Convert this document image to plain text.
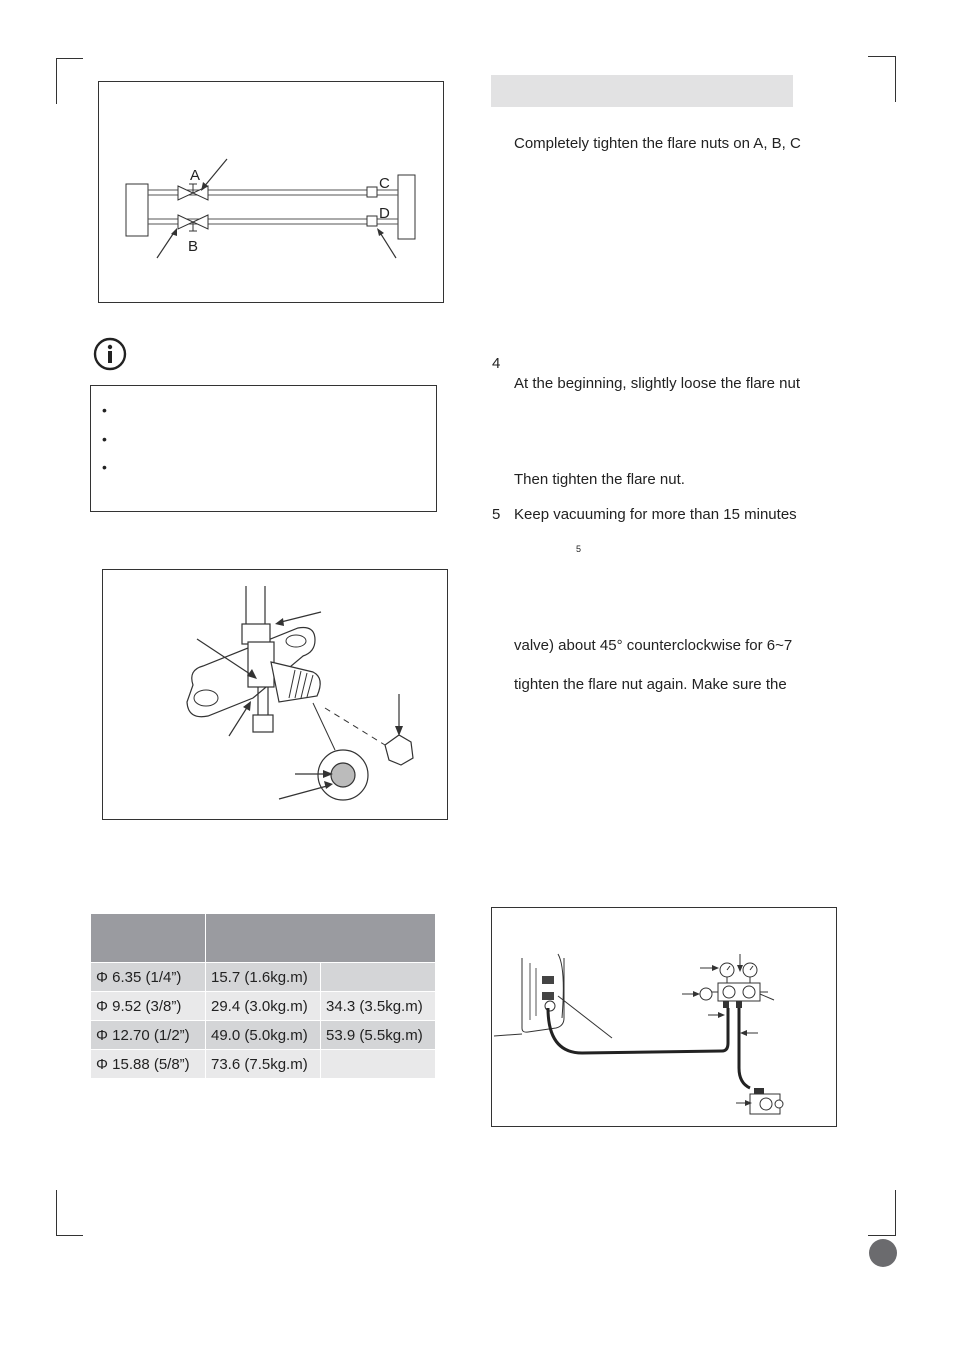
A
B
C
D
•
•
•

Φ 6.35 (1/4”)	15.7 (1.6kg.m)	
Φ 9.52 (3/8”)	29.4 (3.0kg.m)	34.3 (3.5kg.m)
Φ 12.70 (1/2”)	49.0 (5.0kg.m)	53.9 (5.5kg.m)
Φ 15.88 (5/8”)	73.6 (7.5kg.m)	
Completely tighten the flare nuts on A, B, C
4
At the beginning, slightly loose the flare nut
Then tighten the flare nut.
5 Keep vacuuming for more than 15 minutes
5
valve) about 45° counterclockwise for 6~7
tighten the flare nut again. Make sure the
